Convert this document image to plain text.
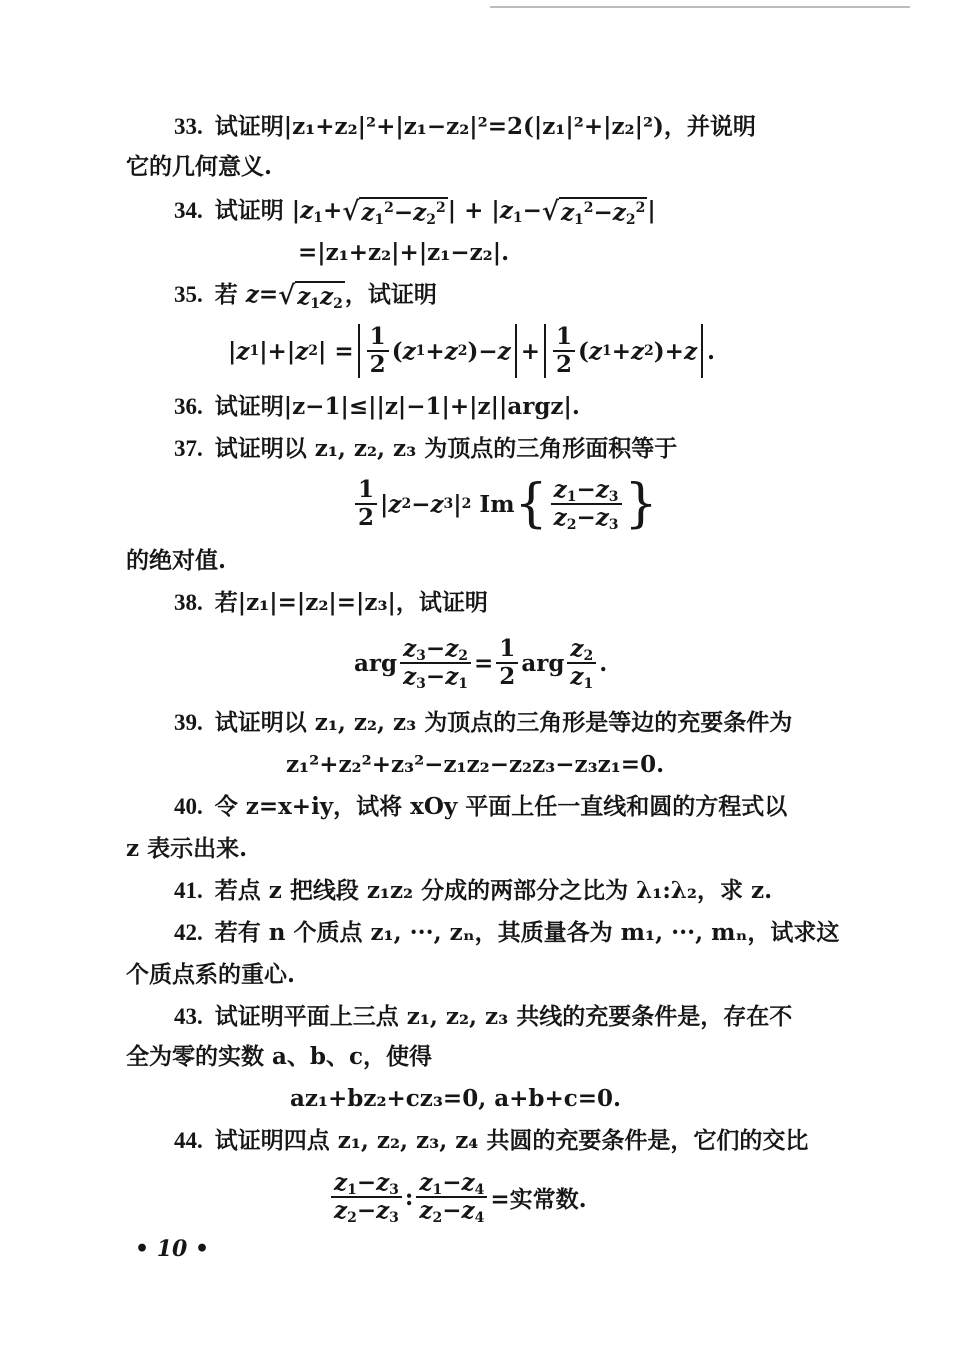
33. 试证明|z₁+z₂|²+|z₁−z₂|²=2(|z₁|²+|z₂|²)，并说明
它的几何意义.
34. 试证明 $|z_1+$ √ $z_1^2-z_2^2$ | + $|z_1-$ √ $z_1^2-z_2^2$ |
=|z₁+z₂|+|z₁−z₂|.
35. 若 z= √ $z_1z_2$ ，试证明
| z 1 |+| z 2 | = $\frac{1}{2}$ ( z 1 + z 2 )− $z + \frac{1}{2}$ ( z 1 + z 2 )+ z .
36. 试证明|z−1|≤||z|−1|+|z||argz|.
37. 试证明以 z₁, z₂, z₃ 为顶点的三角形面积等于
$\frac{1}{2}$ | z 2 − z 3 | 2 Im { $\frac{z_1-z_3}{z_2-z_3}$ }
的绝对值.
38. 若|z₁|=|z₂|=|z₃|，试证明
arg $\frac{z_3-z_2}{z_3-z_1} = \frac{1}{2}$ arg $\frac{z_2}{z_1}$ .
39. 试证明以 z₁, z₂, z₃ 为顶点的三角形是等边的充要条件为
z₁²+z₂²+z₃²−z₁z₂−z₂z₃−z₃z₁=0.
40. 令 z=x+iy，试将 xOy 平面上任一直线和圆的方程式以
z 表示出来.
41. 若点 z 把线段 z₁z₂ 分成的两部分之比为 λ₁:λ₂，求 z.
42. 若有 n 个质点 z₁, ···, zₙ，其质量各为 m₁, ···, mₙ，试求这
个质点系的重心.
43. 试证明平面上三点 z₁, z₂, z₃ 共线的充要条件是，存在不
全为零的实数 a、b、c，使得
az₁+bz₂+cz₃=0, a+b+c=0.
44. 试证明四点 z₁, z₂, z₃, z₄ 共圆的充要条件是，它们的交比
$\frac{z_1-z_3}{z_2-z_3}$ : $\frac{z_1-z_4}{z_2-z_4}$ =实常数.
• 10 •
